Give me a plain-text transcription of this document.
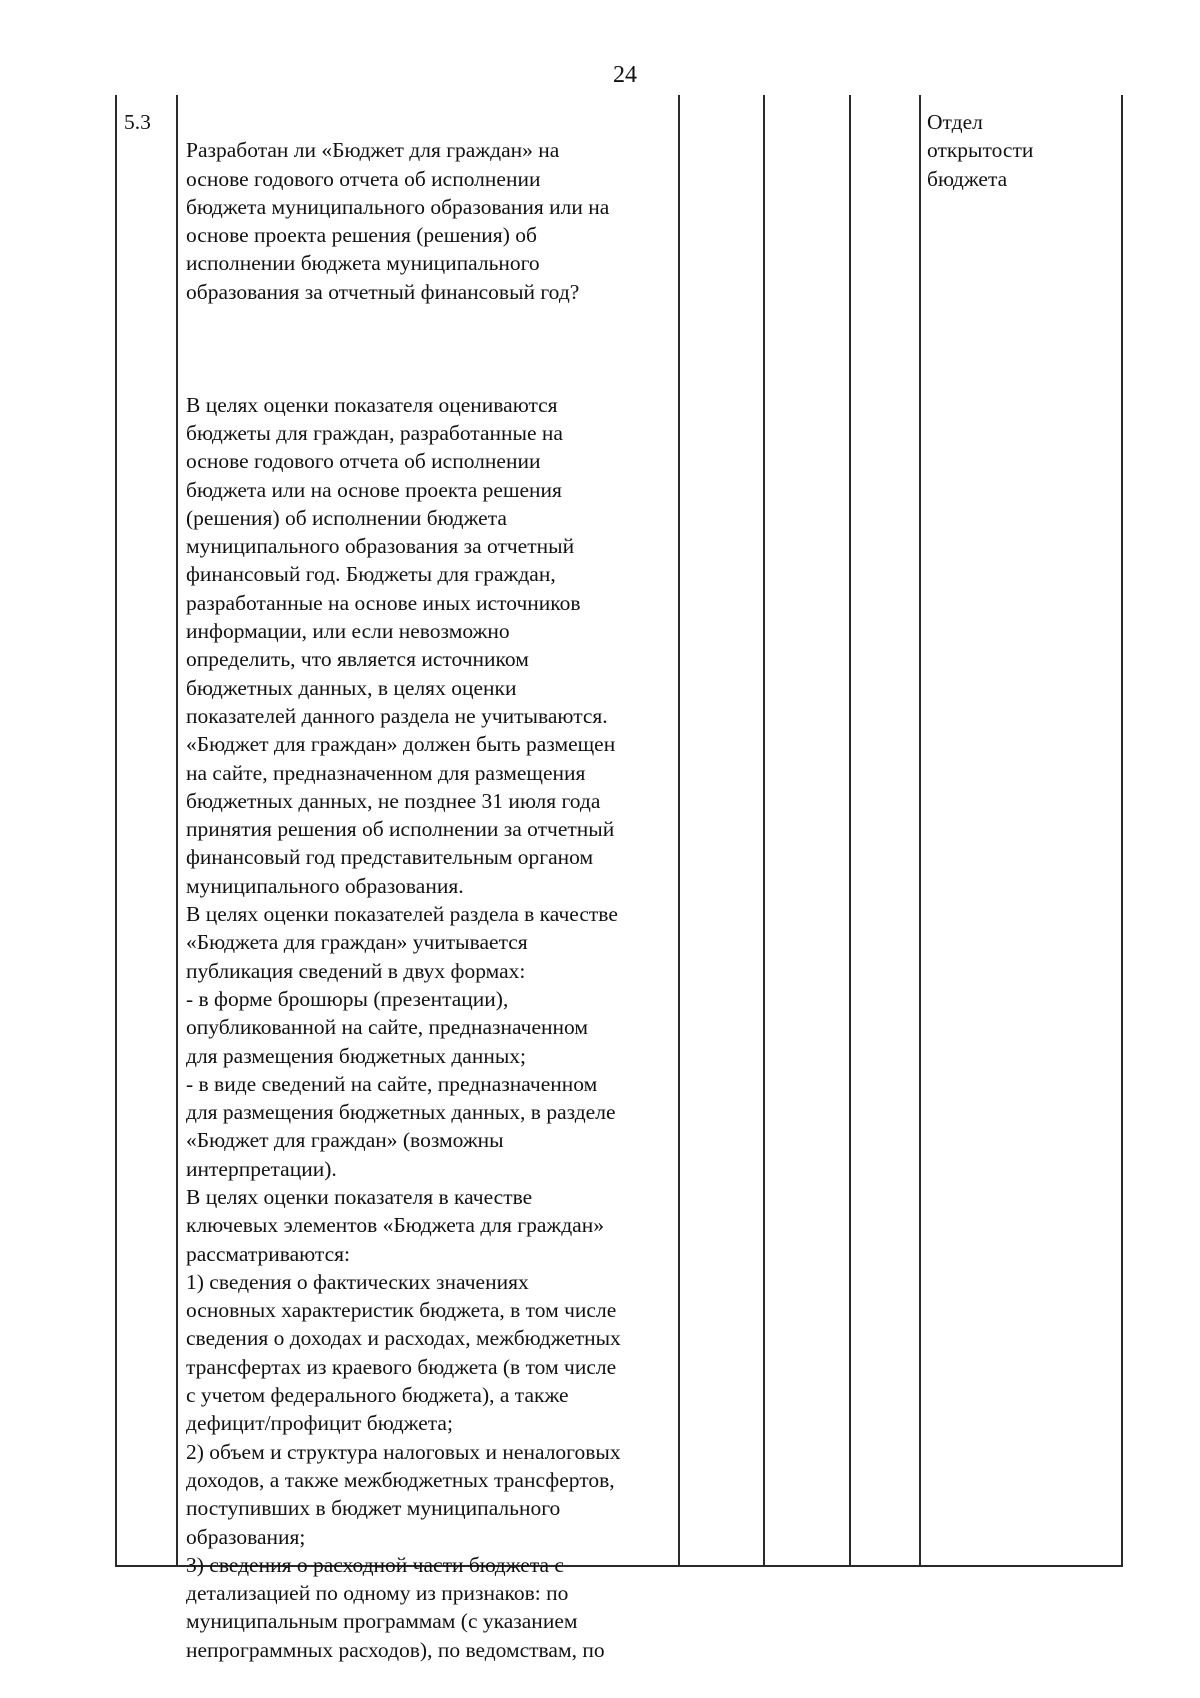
24
5.3

Разработан ли «Бюджет для граждан» на
основе годового отчета об исполнении
бюджета муниципального образования или на
основе проекта решения (решения) об
исполнении бюджета муниципального
образования за отчетный финансовый год?

В целях оценки показателя оцениваются
бюджеты для граждан, разработанные на
основе годового отчета об исполнении
бюджета или на основе проекта решения
(решения) об исполнении бюджета
муниципального образования за отчетный
финансовый год. Бюджеты для граждан,
разработанные на основе иных источников
информации, или если невозможно
определить, что является источником
бюджетных данных, в целях оценки
показателей данного раздела не учитываются.
«Бюджет для граждан» должен быть размещен
на сайте, предназначенном для размещения
бюджетных данных, не позднее 31 июля года
принятия решения об исполнении за отчетный
финансовый год представительным органом
муниципального образования.
В целях оценки показателей раздела в качестве
«Бюджета для граждан» учитывается
публикация сведений в двух формах:
- в форме брошюры (презентации),
опубликованной на сайте, предназначенном
для размещения бюджетных данных;
- в виде сведений на сайте, предназначенном
для размещения бюджетных данных, в разделе
«Бюджет для граждан» (возможны
интерпретации).
В целях оценки показателя в качестве
ключевых элементов «Бюджета для граждан»
рассматриваются:
1) сведения о фактических значениях
основных характеристик бюджета, в том числе
сведения о доходах и расходах, межбюджетных
трансфертах из краевого бюджета (в том числе
с учетом федерального бюджета), а также
дефицит/профицит бюджета;
2) объем и структура налоговых и неналоговых
доходов, а также межбюджетных трансфертов,
поступивших в бюджет муниципального
образования;
3) сведения о расходной части бюджета с
детализацией по одному из признаков: по
муниципальным программам (с указанием
непрограммных расходов), по ведомствам, по

Отдел
открытости
бюджета
